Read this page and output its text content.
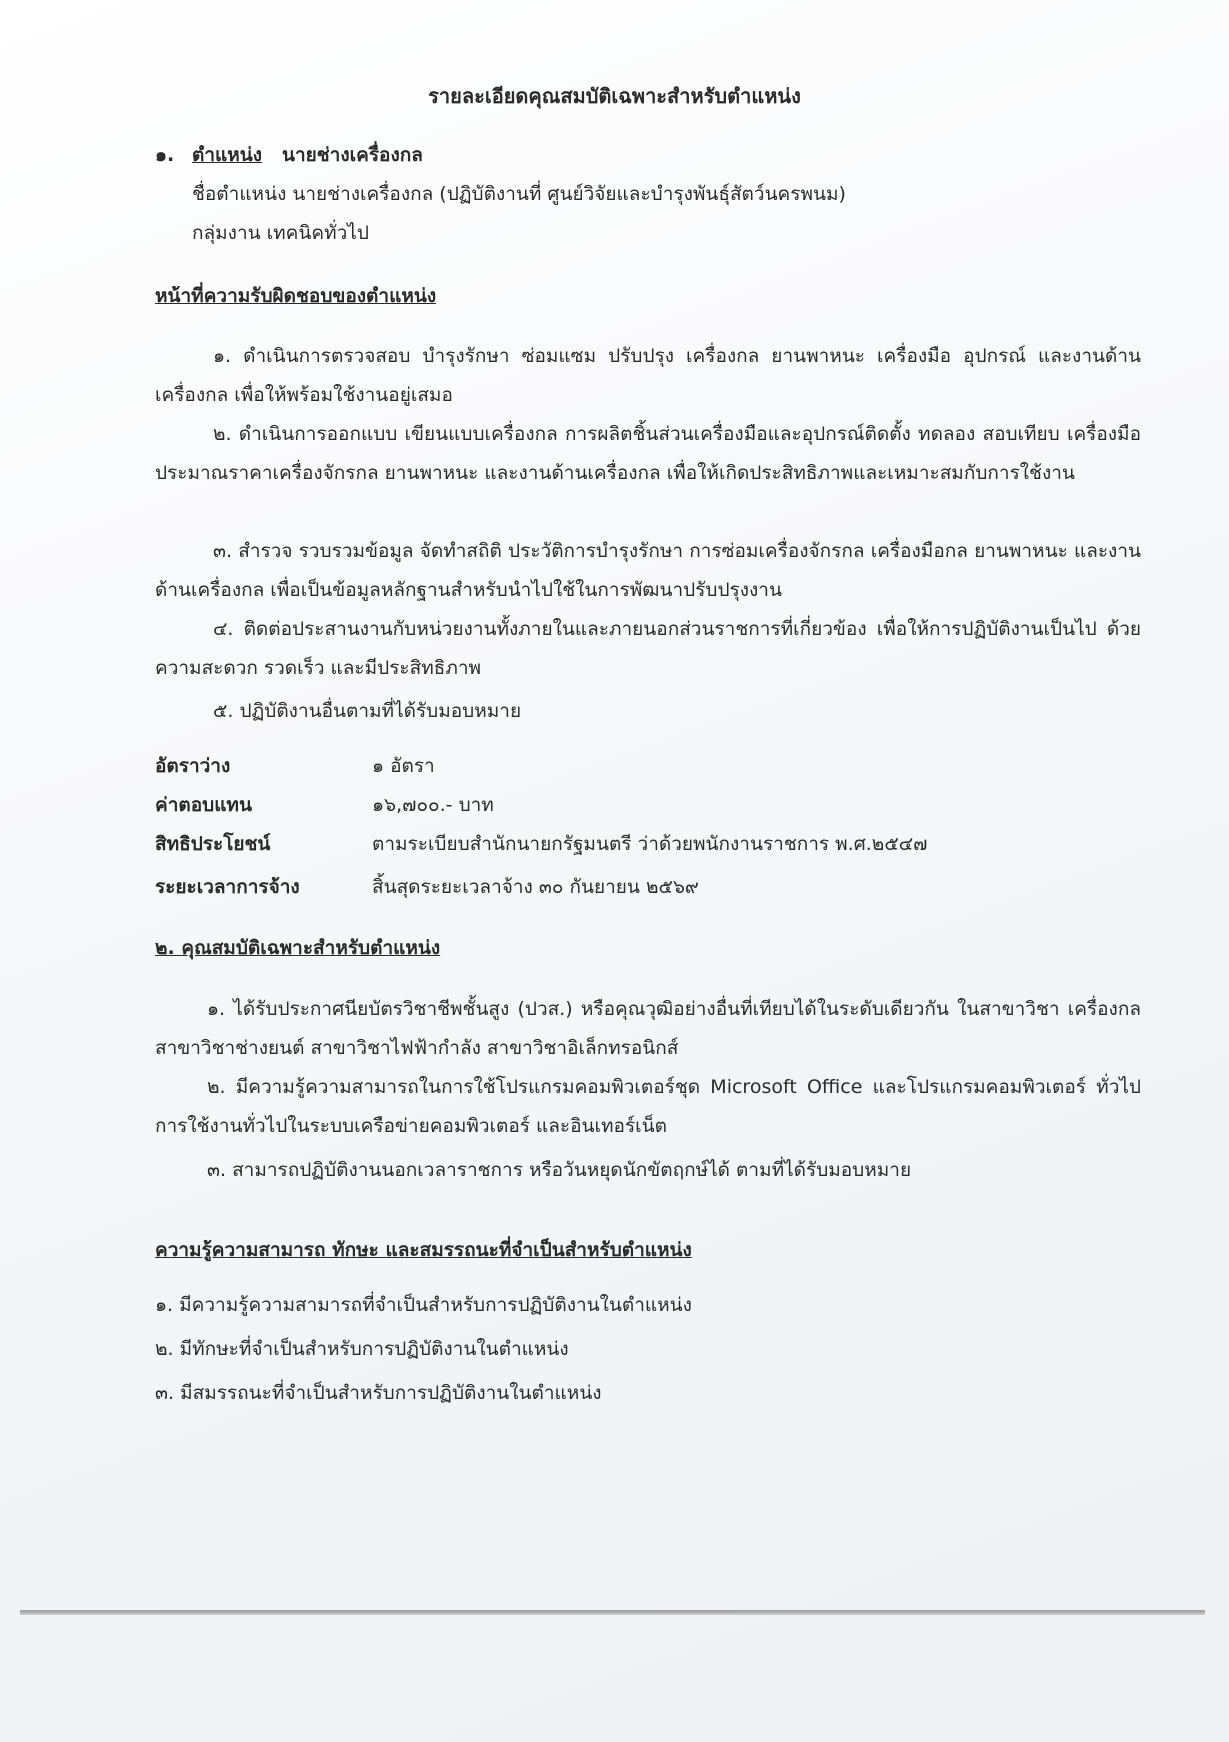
รายละเอียดคุณสมบัติเฉพาะสำหรับตำแหน่ง
๑. ตำแหน่ง นายช่างเครื่องกล
ชื่อตำแหน่ง นายช่างเครื่องกล (ปฏิบัติงานที่ ศูนย์วิจัยและบำรุงพันธุ์สัตว์นครพนม)
กลุ่มงาน เทคนิคทั่วไป
หน้าที่ความรับผิดชอบของตำแหน่ง
๑. ดำเนินการตรวจสอบ บำรุงรักษา ซ่อมแซม ปรับปรุง เครื่องกล ยานพาหนะ เครื่องมือ อุปกรณ์ และงานด้านเครื่องกล เพื่อให้พร้อมใช้งานอยู่เสมอ
๒. ดำเนินการออกแบบ เขียนแบบเครื่องกล การผลิตชิ้นส่วนเครื่องมือและอุปกรณ์ติดตั้ง ทดลอง สอบเทียบ เครื่องมือ ประมาณราคาเครื่องจักรกล ยานพาหนะ และงานด้านเครื่องกล เพื่อให้เกิดประสิทธิภาพและเหมาะสมกับการใช้งาน
๓. สำรวจ รวบรวมข้อมูล จัดทำสถิติ ประวัติการบำรุงรักษา การซ่อมเครื่องจักรกล เครื่องมือกล ยานพาหนะ และงานด้านเครื่องกล เพื่อเป็นข้อมูลหลักฐานสำหรับนำไปใช้ในการพัฒนาปรับปรุงงาน
๔. ติดต่อประสานงานกับหน่วยงานทั้งภายในและภายนอกส่วนราชการที่เกี่ยวข้อง เพื่อให้การปฏิบัติงานเป็นไป ด้วยความสะดวก รวดเร็ว และมีประสิทธิภาพ
๕. ปฏิบัติงานอื่นตามที่ได้รับมอบหมาย
อัตราว่าง	๑ อัตรา
ค่าตอบแทน	๑๖,๗๐๐.- บาท
สิทธิประโยชน์	ตามระเบียบสำนักนายกรัฐมนตรี ว่าด้วยพนักงานราชการ พ.ศ.๒๕๔๗
ระยะเวลาการจ้าง	สิ้นสุดระยะเวลาจ้าง ๓๐ กันยายน ๒๕๖๙
๒. คุณสมบัติเฉพาะสำหรับตำแหน่ง
๑. ได้รับประกาศนียบัตรวิชาชีพชั้นสูง (ปวส.) หรือคุณวุฒิอย่างอื่นที่เทียบได้ในระดับเดียวกัน ในสาขาวิชา เครื่องกล สาขาวิชาช่างยนต์ สาขาวิชาไฟฟ้ากำลัง สาขาวิชาอิเล็กทรอนิกส์
๒. มีความรู้ความสามารถในการใช้โปรแกรมคอมพิวเตอร์ชุด Microsoft Office และโปรแกรมคอมพิวเตอร์ ทั่วไป การใช้งานทั่วไปในระบบเครือข่ายคอมพิวเตอร์ และอินเทอร์เน็ต
๓. สามารถปฏิบัติงานนอกเวลาราชการ หรือวันหยุดนักขัตฤกษ์ได้ ตามที่ได้รับมอบหมาย
ความรู้ความสามารถ ทักษะ และสมรรถนะที่จำเป็นสำหรับตำแหน่ง
๑. มีความรู้ความสามารถที่จำเป็นสำหรับการปฏิบัติงานในตำแหน่ง
๒. มีทักษะที่จำเป็นสำหรับการปฏิบัติงานในตำแหน่ง
๓. มีสมรรถนะที่จำเป็นสำหรับการปฏิบัติงานในตำแหน่ง
